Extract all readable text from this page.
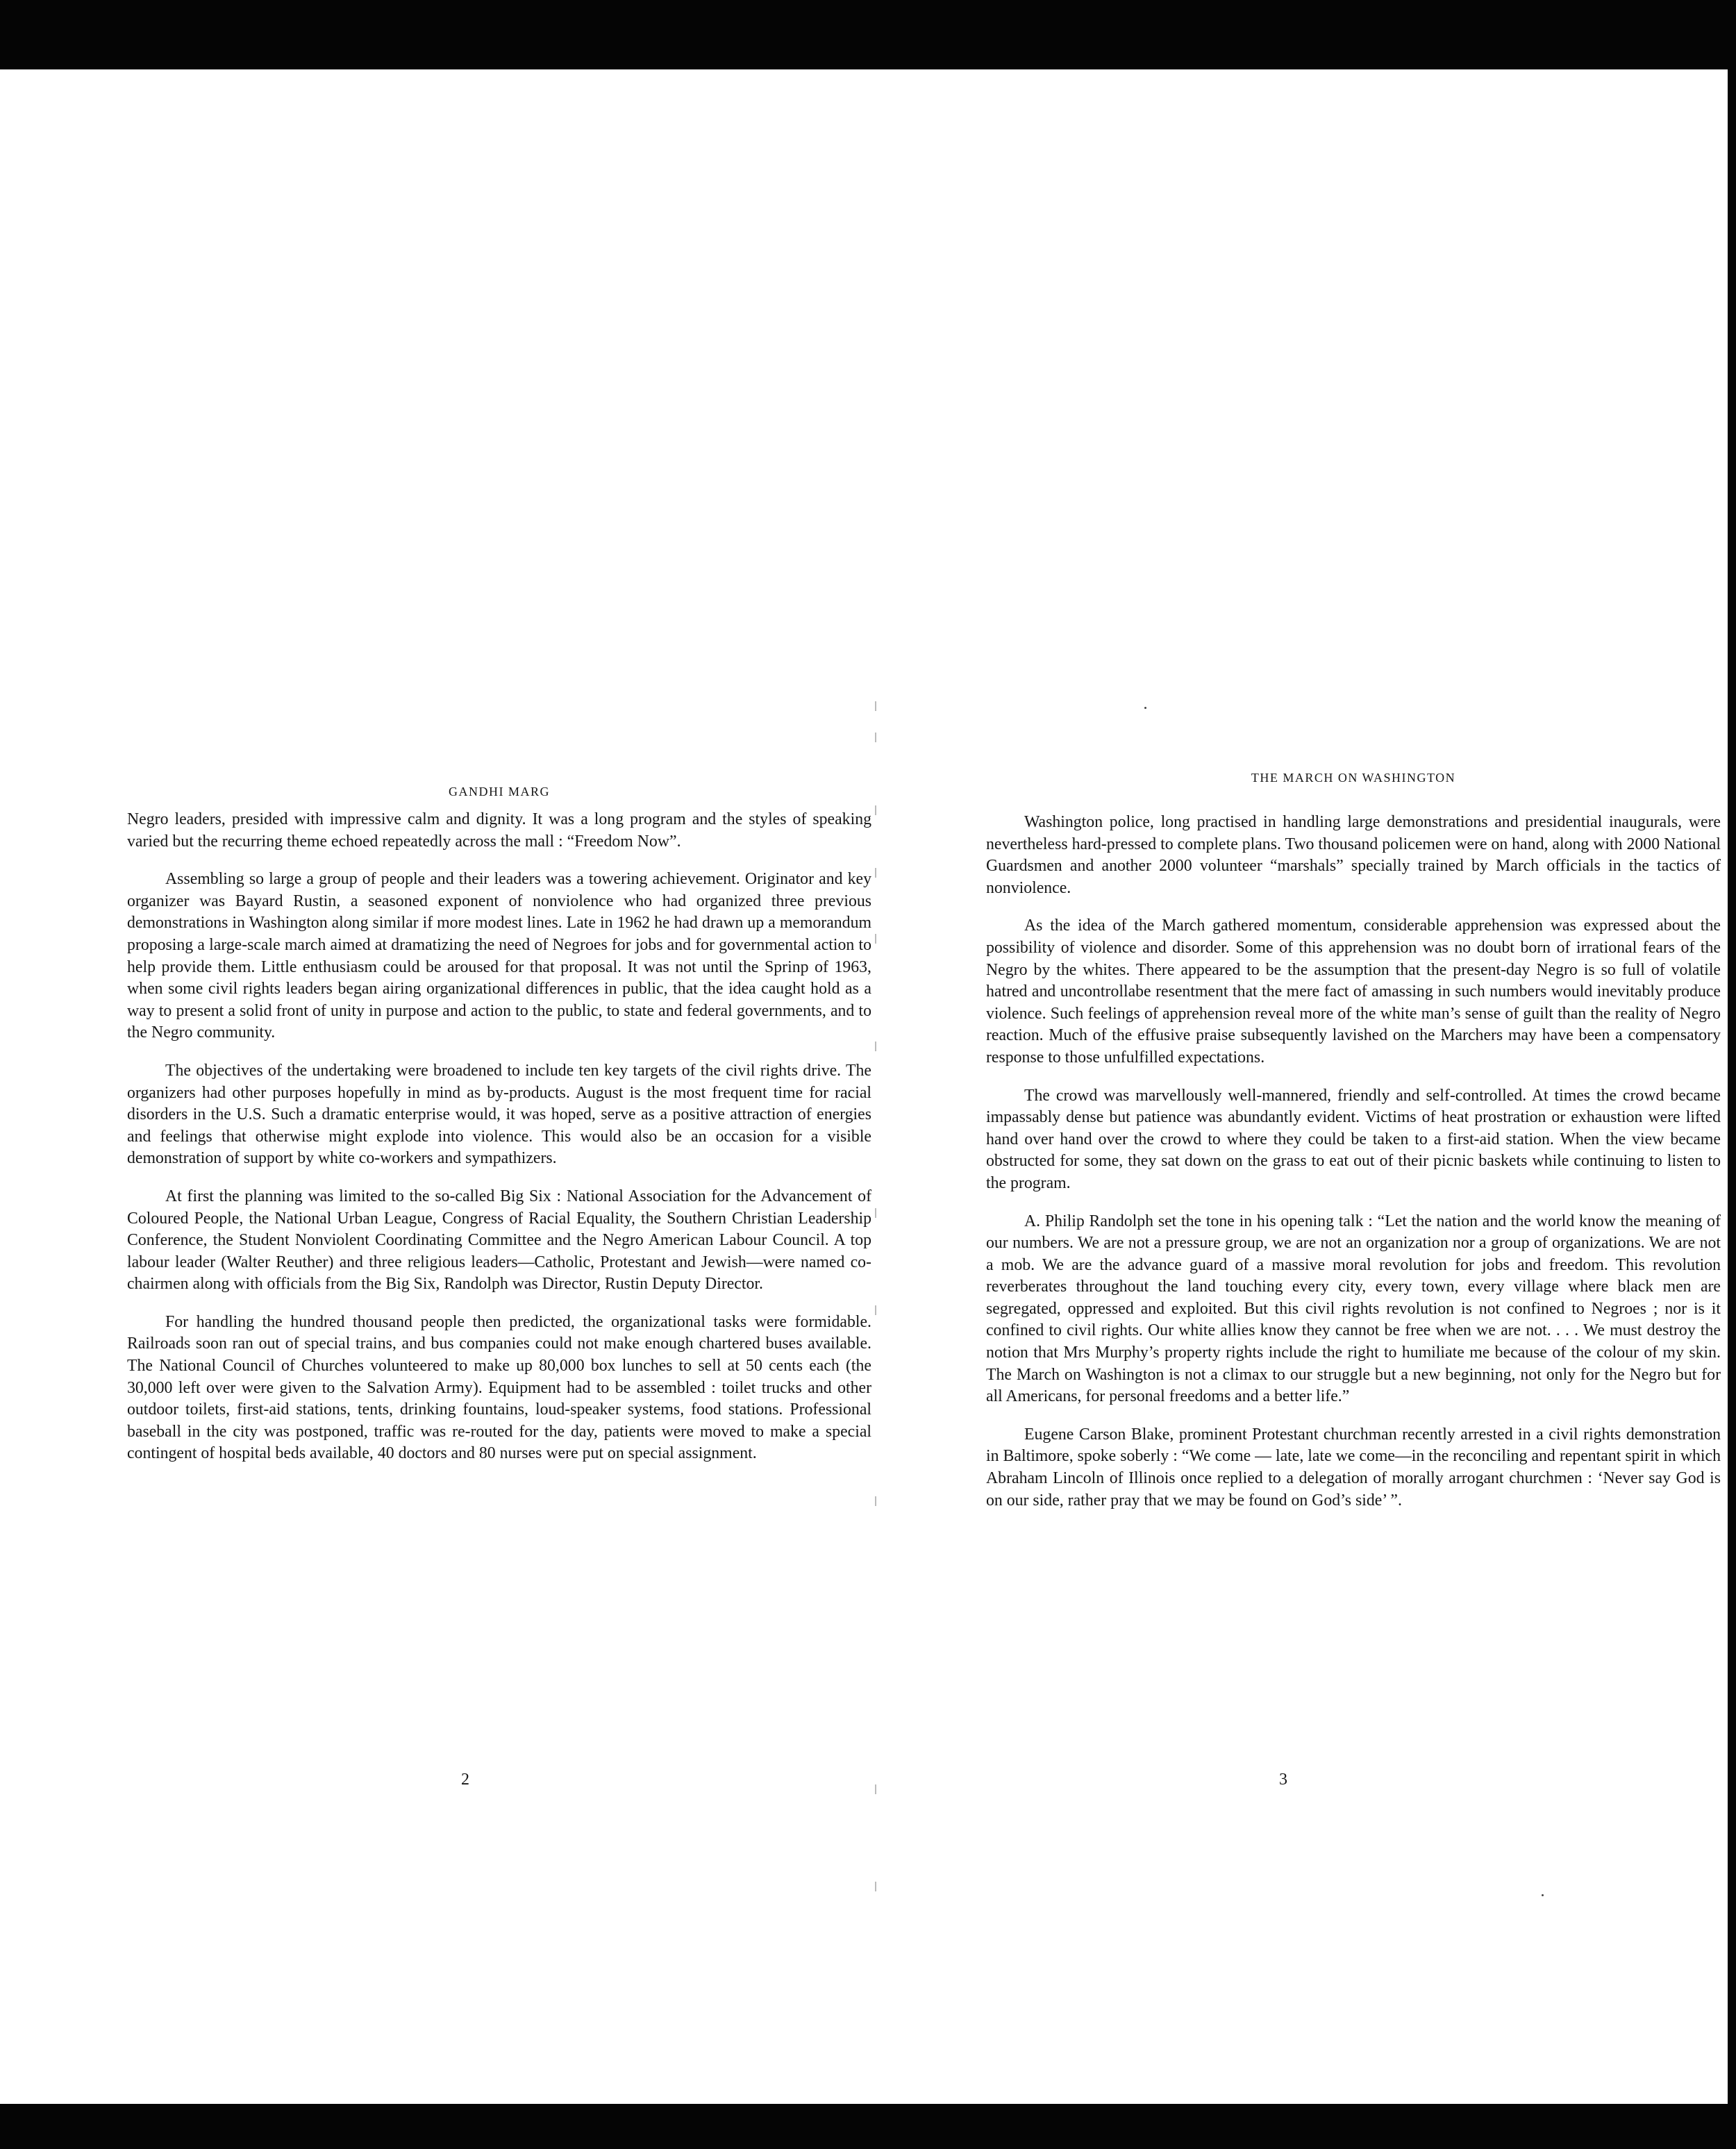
GANDHI MARG

Negro leaders, presided with impressive calm and dignity. It was a long program and the styles of speaking varied but the recurring theme echoed repeatedly across the mall : “Freedom Now”.

Assembling so large a group of people and their leaders was a towering achievement. Originator and key organizer was Bayard Rustin, a seasoned exponent of nonviolence who had organized three previous demonstrations in Washington along similar if more modest lines. Late in 1962 he had drawn up a memorandum proposing a large-scale march aimed at dramatizing the need of Negroes for jobs and for governmental action to help provide them. Little enthusiasm could be aroused for that proposal. It was not until the Sprinp of 1963, when some civil rights leaders began airing organizational differences in public, that the idea caught hold as a way to present a solid front of unity in purpose and action to the public, to state and federal governments, and to the Negro community.

The objectives of the undertaking were broadened to include ten key targets of the civil rights drive. The organizers had other purposes hopefully in mind as by-products. August is the most frequent time for racial disorders in the U.S. Such a dramatic enterprise would, it was hoped, serve as a positive attraction of energies and feelings that otherwise might explode into violence. This would also be an occasion for a visible demonstration of support by white co-workers and sympathizers.

At first the planning was limited to the so-called Big Six : National Association for the Advancement of Coloured People, the National Urban League, Congress of Racial Equality, the Southern Christian Leadership Conference, the Student Nonviolent Coordinating Committee and the Negro American Labour Council. A top labour leader (Walter Reuther) and three religious leaders—Catholic, Protestant and Jewish—were named co-chairmen along with officials from the Big Six, Randolph was Director, Rustin Deputy Director.

For handling the hundred thousand people then predicted, the organizational tasks were formidable. Railroads soon ran out of special trains, and bus companies could not make enough chartered buses available. The National Council of Churches volunteered to make up 80,000 box lunches to sell at 50 cents each (the 30,000 left over were given to the Salvation Army). Equipment had to be assembled : toilet trucks and other outdoor toilets, first-aid stations, tents, drinking fountains, loud-speaker systems, food stations. Professional baseball in the city was postponed, traffic was re-routed for the day, patients were moved to make a special contingent of hospital beds available, 40 doctors and 80 nurses were put on special assignment.

THE MARCH ON WASHINGTON

Washington police, long practised in handling large demonstrations and presidential inaugurals, were nevertheless hard-pressed to complete plans. Two thousand policemen were on hand, along with 2000 National Guardsmen and another 2000 volunteer “marshals” specially trained by March officials in the tactics of nonviolence.

As the idea of the March gathered momentum, considerable apprehension was expressed about the possibility of violence and disorder. Some of this apprehension was no doubt born of irrational fears of the Negro by the whites. There appeared to be the assumption that the present-day Negro is so full of volatile hatred and uncontrollabe resentment that the mere fact of amassing in such numbers would inevitably produce violence. Such feelings of apprehension reveal more of the white man’s sense of guilt than the reality of Negro reaction. Much of the effusive praise subsequently lavished on the Marchers may have been a compensatory response to those unfulfilled expectations.

The crowd was marvellously well-mannered, friendly and self-controlled. At times the crowd became impassably dense but patience was abundantly evident. Victims of heat prostration or exhaustion were lifted hand over hand over the crowd to where they could be taken to a first-aid station. When the view became obstructed for some, they sat down on the grass to eat out of their picnic baskets while continuing to listen to the program.

A. Philip Randolph set the tone in his opening talk : “Let the nation and the world know the meaning of our numbers. We are not a pressure group, we are not an organization nor a group of organizations. We are not a mob. We are the advance guard of a massive moral revolution for jobs and freedom. This revolution reverberates throughout the land touching every city, every town, every village where black men are segregated, oppressed and exploited. But this civil rights revolution is not confined to Negroes ; nor is it confined to civil rights. Our white allies know they cannot be free when we are not. . . . We must destroy the notion that Mrs Murphy’s property rights include the right to humiliate me because of the colour of my skin. The March on Washington is not a climax to our struggle but a new beginning, not only for the Negro but for all Americans, for personal freedoms and a better life.”

Eugene Carson Blake, prominent Protestant churchman recently arrested in a civil rights demonstration in Baltimore, spoke soberly : “We come — late, late we come—in the reconciling and repentant spirit in which Abraham Lincoln of Illinois once replied to a delegation of morally arrogant churchmen : ‘Never say God is on our side, rather pray that we may be found on God’s side’ ”.

2	3
